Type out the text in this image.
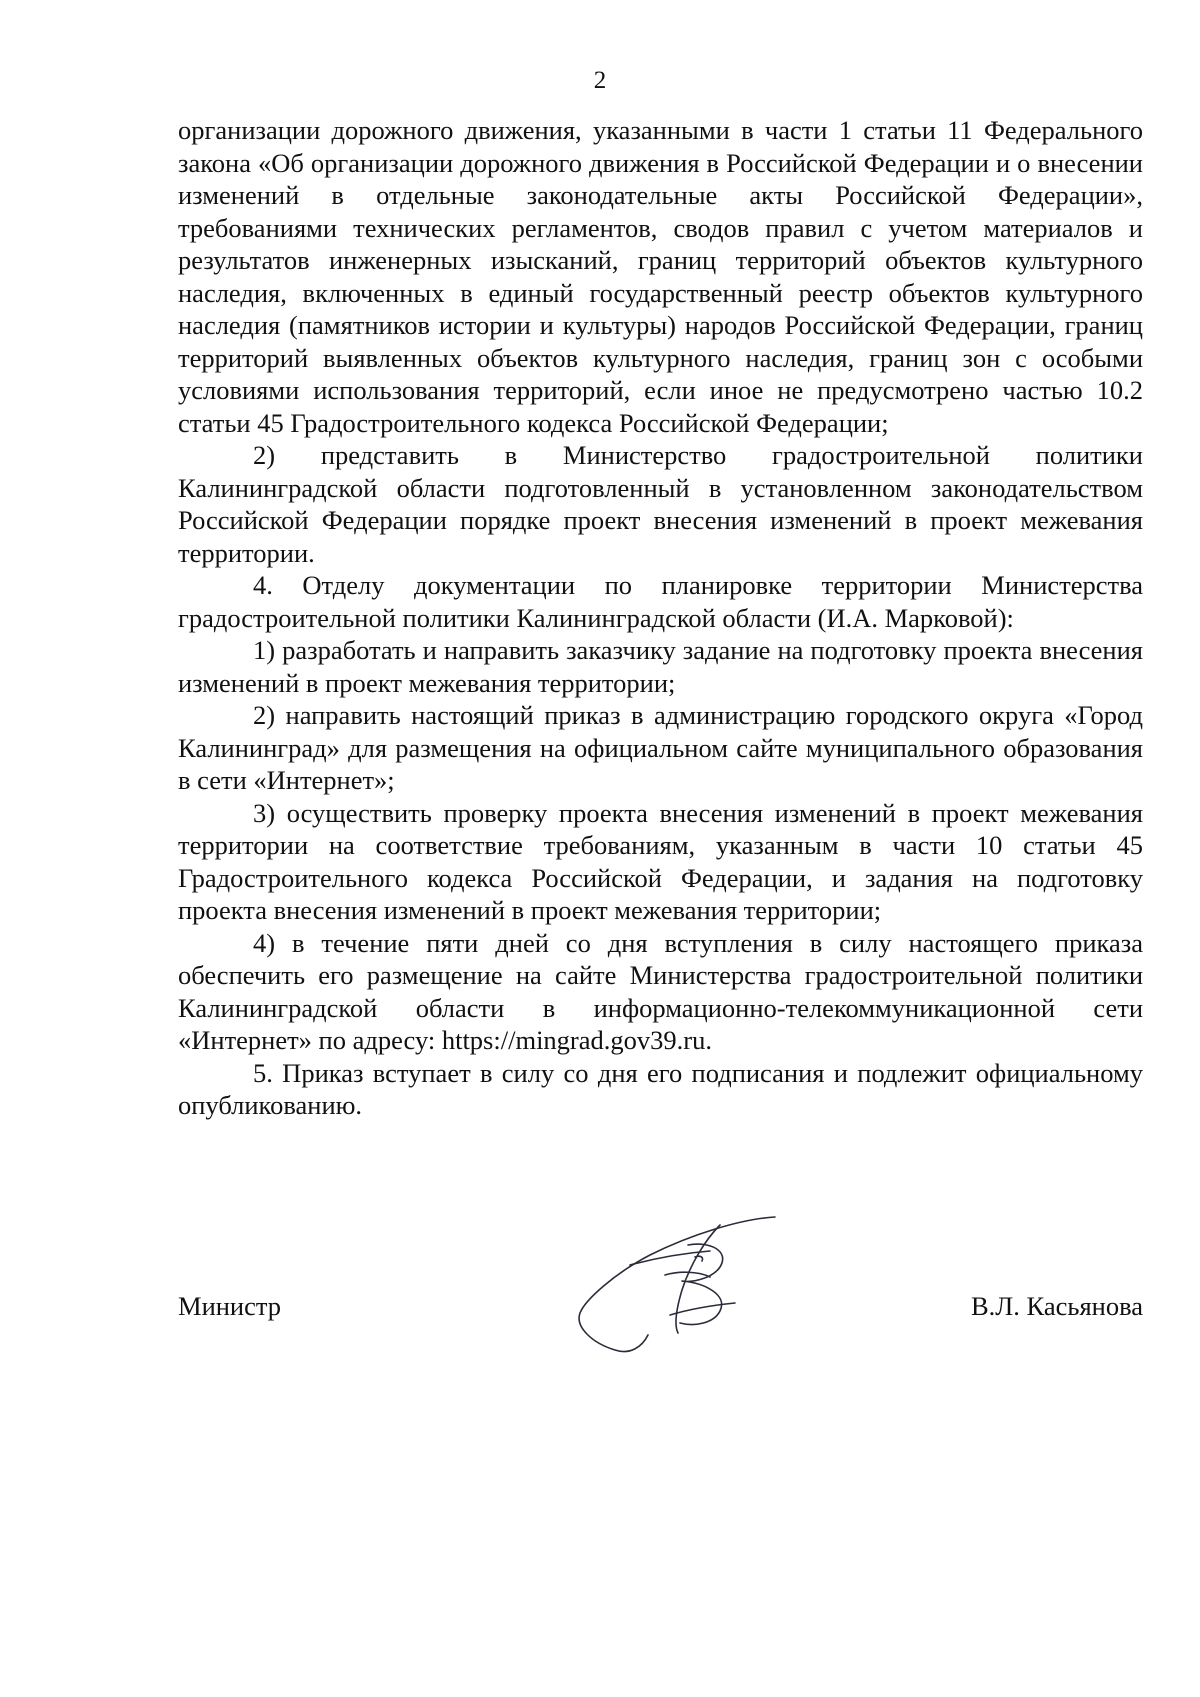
2

организации дорожного движения, указанными в части 1 статьи 11 Федерального закона «Об организации дорожного движения в Российской Федерации и о внесении изменений в отдельные законодательные акты Российской Федерации», требованиями технических регламентов, сводов правил с учетом материалов и результатов инженерных изысканий, границ территорий объектов культурного наследия, включенных в единый государственный реестр объектов культурного наследия (памятников истории и культуры) народов Российской Федерации, границ территорий выявленных объектов культурного наследия, границ зон с особыми условиями использования территорий, если иное не предусмотрено частью 10.2 статьи 45 Градостроительного кодекса Российской Федерации;

2) представить в Министерство градостроительной политики Калининградской области подготовленный в установленном законодательством Российской Федерации порядке проект внесения изменений в проект межевания территории.

4. Отделу документации по планировке территории Министерства градостроительной политики Калининградской области (И.А. Марковой):

1) разработать и направить заказчику задание на подготовку проекта внесения изменений в проект межевания территории;

2) направить настоящий приказ в администрацию городского округа «Город Калининград» для размещения на официальном сайте муниципального образования в сети «Интернет»;

3) осуществить проверку проекта внесения изменений в проект межевания территории на соответствие требованиям, указанным в части 10 статьи 45 Градостроительного кодекса Российской Федерации, и задания на подготовку проекта внесения изменений в проект межевания территории;

4) в течение пяти дней со дня вступления в силу настоящего приказа обеспечить его размещение на сайте Министерства градостроительной политики Калининградской области в информационно-телекоммуникационной сети «Интернет» по адресу: https://mingrad.gov39.ru.

5. Приказ вступает в силу со дня его подписания и подлежит официальному опубликованию.

Министр	В.Л. Касьянова
